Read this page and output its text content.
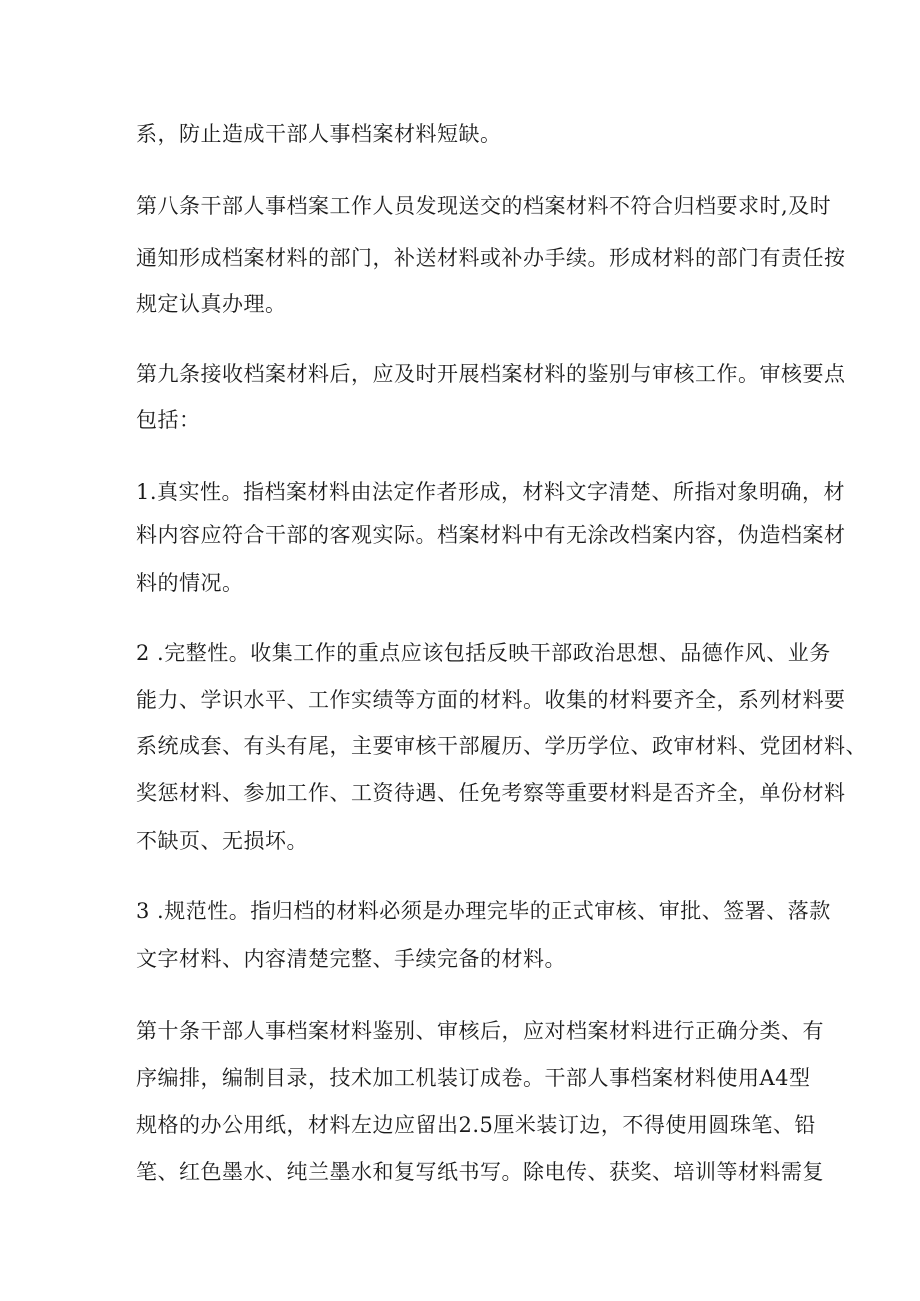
系，防止造成干部人事档案材料短缺。
第八条干部人事档案工作人员发现送交的档案材料不符合归档要求时,及时
通知形成档案材料的部门，补送材料或补办手续。形成材料的部门有责任按
规定认真办理。
第九条接收档案材料后，应及时开展档案材料的鉴别与审核工作。审核要点
包括：
1.真实性。指档案材料由法定作者形成，材料文字清楚、所指对象明确，材
料内容应符合干部的客观实际。档案材料中有无涂改档案内容，伪造档案材
料的情况。
2 .完整性。收集工作的重点应该包括反映干部政治思想、品德作风、业务
能力、学识水平、工作实绩等方面的材料。收集的材料要齐全，系列材料要
系统成套、有头有尾，主要审核干部履历、学历学位、政审材料、党团材料、
奖惩材料、参加工作、工资待遇、任免考察等重要材料是否齐全，单份材料
不缺页、无损坏。
3 .规范性。指归档的材料必须是办理完毕的正式审核、审批、签署、落款
文字材料、内容清楚完整、手续完备的材料。
第十条干部人事档案材料鉴别、审核后，应对档案材料进行正确分类、有
序编排，编制目录，技术加工机装订成卷。干部人事档案材料使用A4型
规格的办公用纸，材料左边应留出2.5厘米装订边，不得使用圆珠笔、铅
笔、红色墨水、纯兰墨水和复写纸书写。除电传、获奖、培训等材料需复
